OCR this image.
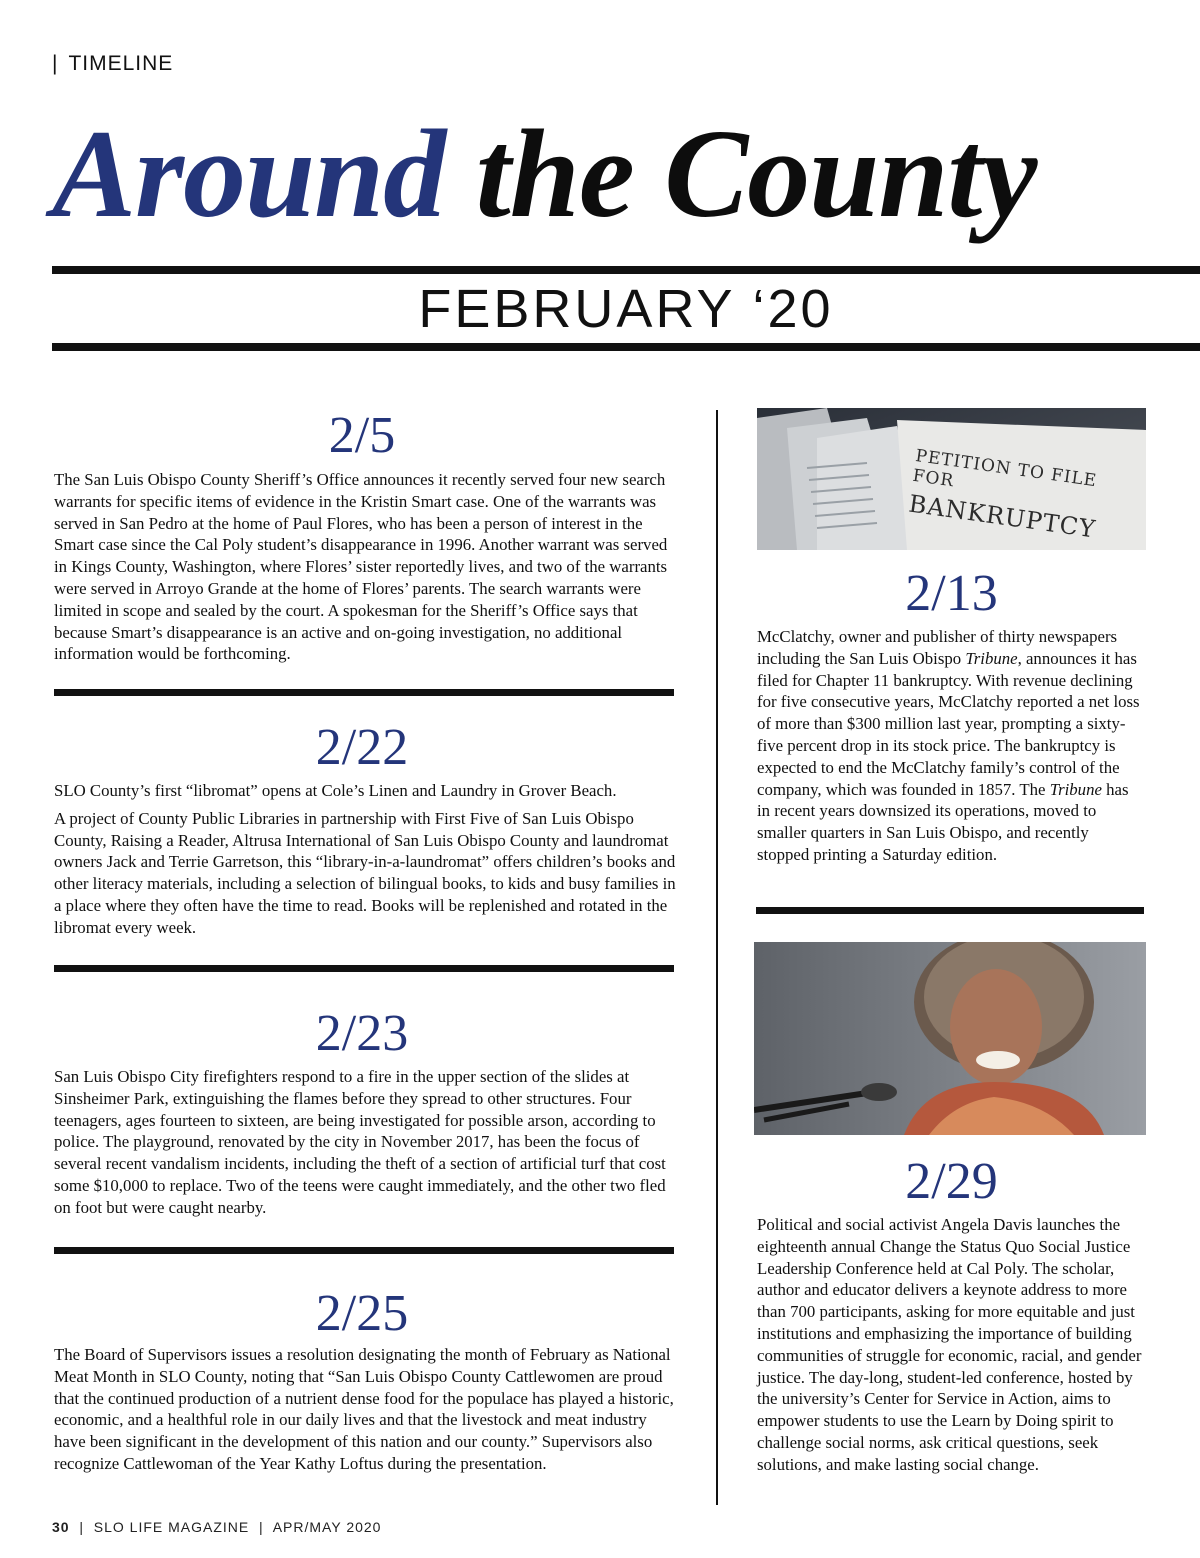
| TIMELINE
Around the County
FEBRUARY ‘20
2/5

The San Luis Obispo County Sheriff’s Office announces it recently served four new search warrants for specific items of evidence in the Kristin Smart case. One of the warrants was served in San Pedro at the home of Paul Flores, who has been a person of interest in the Smart case since the Cal Poly student’s disappearance in 1996. Another warrant was served in Kings County, Washington, where Flores’ sister reportedly lives, and two of the warrants were served in Arroyo Grande at the home of Flores’ parents. The search warrants were limited in scope and sealed by the court. A spokesman for the Sheriff’s Office says that because Smart’s disappearance is an active and on-going investigation, no additional information would be forthcoming.

2/22

SLO County’s first “libromat” opens at Cole’s Linen and Laundry in Grover Beach.

A project of County Public Libraries in partnership with First Five of San Luis Obispo County, Raising a Reader, Altrusa International of San Luis Obispo County and laundromat owners Jack and Terrie Garretson, this “library-in-a-laundromat” offers children’s books and other literacy materials, including a selection of bilingual books, to kids and busy families in a place where they often have the time to read. Books will be replenished and rotated in the libromat every week.

2/23

San Luis Obispo City firefighters respond to a fire in the upper section of the slides at Sinsheimer Park, extinguishing the flames before they spread to other structures. Four teenagers, ages fourteen to sixteen, are being investigated for possible arson, according to police. The playground, renovated by the city in November 2017, has been the focus of several recent vandalism incidents, including the theft of a section of artificial turf that cost some $10,000 to replace. Two of the teens were caught immediately, and the other two fled on foot but were caught nearby.

2/25

The Board of Supervisors issues a resolution designating the month of February as National Meat Month in SLO County, noting that “San Luis Obispo County Cattlewomen are proud that the continued production of a nutrient dense food for the populace has played a historic, economic, and a healthful role in our daily lives and that the livestock and meat industry have been significant in the development of this nation and our county.” Supervisors also recognize Cattlewoman of the Year Kathy Loftus during the presentation.

PETITION TO FILE FOR
BANKRUPTCY
2/13

McClatchy, owner and publisher of thirty newspapers including the San Luis Obispo Tribune, announces it has filed for Chapter 11 bankruptcy. With revenue declining for five consecutive years, McClatchy reported a net loss of more than $300 million last year, prompting a sixty-five percent drop in its stock price. The bankruptcy is expected to end the McClatchy family’s control of the company, which was founded in 1857. The Tribune has in recent years downsized its operations, moved to smaller quarters in San Luis Obispo, and recently stopped printing a Saturday edition.

2/29

Political and social activist Angela Davis launches the eighteenth annual Change the Status Quo Social Justice Leadership Conference held at Cal Poly. The scholar, author and educator delivers a keynote address to more than 700 participants, asking for more equitable and just institutions and emphasizing the importance of building communities of struggle for economic, racial, and gender justice. The day-long, student-led conference, hosted by the university’s Center for Service in Action, aims to empower students to use the Learn by Doing spirit to challenge social norms, ask critical questions, seek solutions, and make lasting social change.

30  |  SLO LIFE MAGAZINE  |  APR/MAY 2020
